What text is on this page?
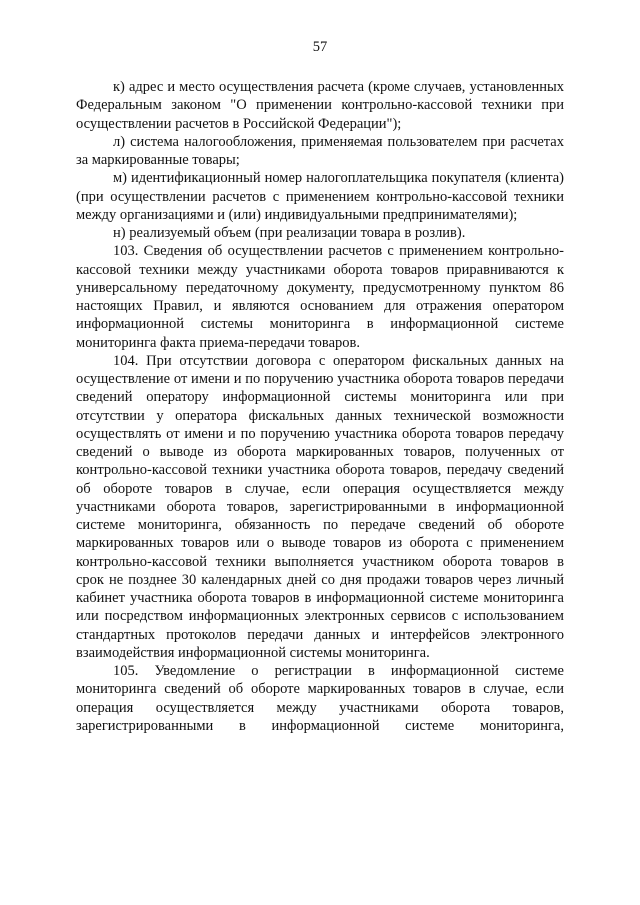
57

к) адрес и место осуществления расчета (кроме случаев, установленных Федеральным законом "О применении контрольно-кассовой техники при осуществлении расчетов в Российской Федерации");

л) система налогообложения, применяемая пользователем при расчетах за маркированные товары;

м) идентификационный номер налогоплательщика покупателя (клиента) (при осуществлении расчетов с применением контрольно-кассовой техники между организациями и (или) индивидуальными предпринимателями);

н) реализуемый объем (при реализации товара в розлив).

103. Сведения об осуществлении расчетов с применением контрольно-кассовой техники между участниками оборота товаров приравниваются к универсальному передаточному документу, предусмотренному пунктом 86 настоящих Правил, и являются основанием для отражения оператором информационной системы мониторинга в информационной системе мониторинга факта приема-передачи товаров.

104. При отсутствии договора с оператором фискальных данных на осуществление от имени и по поручению участника оборота товаров передачи сведений оператору информационной системы мониторинга или при отсутствии у оператора фискальных данных технической возможности осуществлять от имени и по поручению участника оборота товаров передачу сведений о выводе из оборота маркированных товаров, полученных от контрольно-кассовой техники участника оборота товаров, передачу сведений об обороте товаров в случае, если операция осуществляется между участниками оборота товаров, зарегистрированными в информационной системе мониторинга, обязанность по передаче сведений об обороте маркированных товаров или о выводе товаров из оборота с применением контрольно-кассовой техники выполняется участником оборота товаров в срок не позднее 30 календарных дней со дня продажи товаров через личный кабинет участника оборота товаров в информационной системе мониторинга или посредством информационных электронных сервисов с использованием стандартных протоколов передачи данных и интерфейсов электронного взаимодействия информационной системы мониторинга.

105. Уведомление о регистрации в информационной системе мониторинга сведений об обороте маркированных товаров в случае, если операция осуществляется между участниками оборота товаров, зарегистрированными в информационной системе мониторинга,
